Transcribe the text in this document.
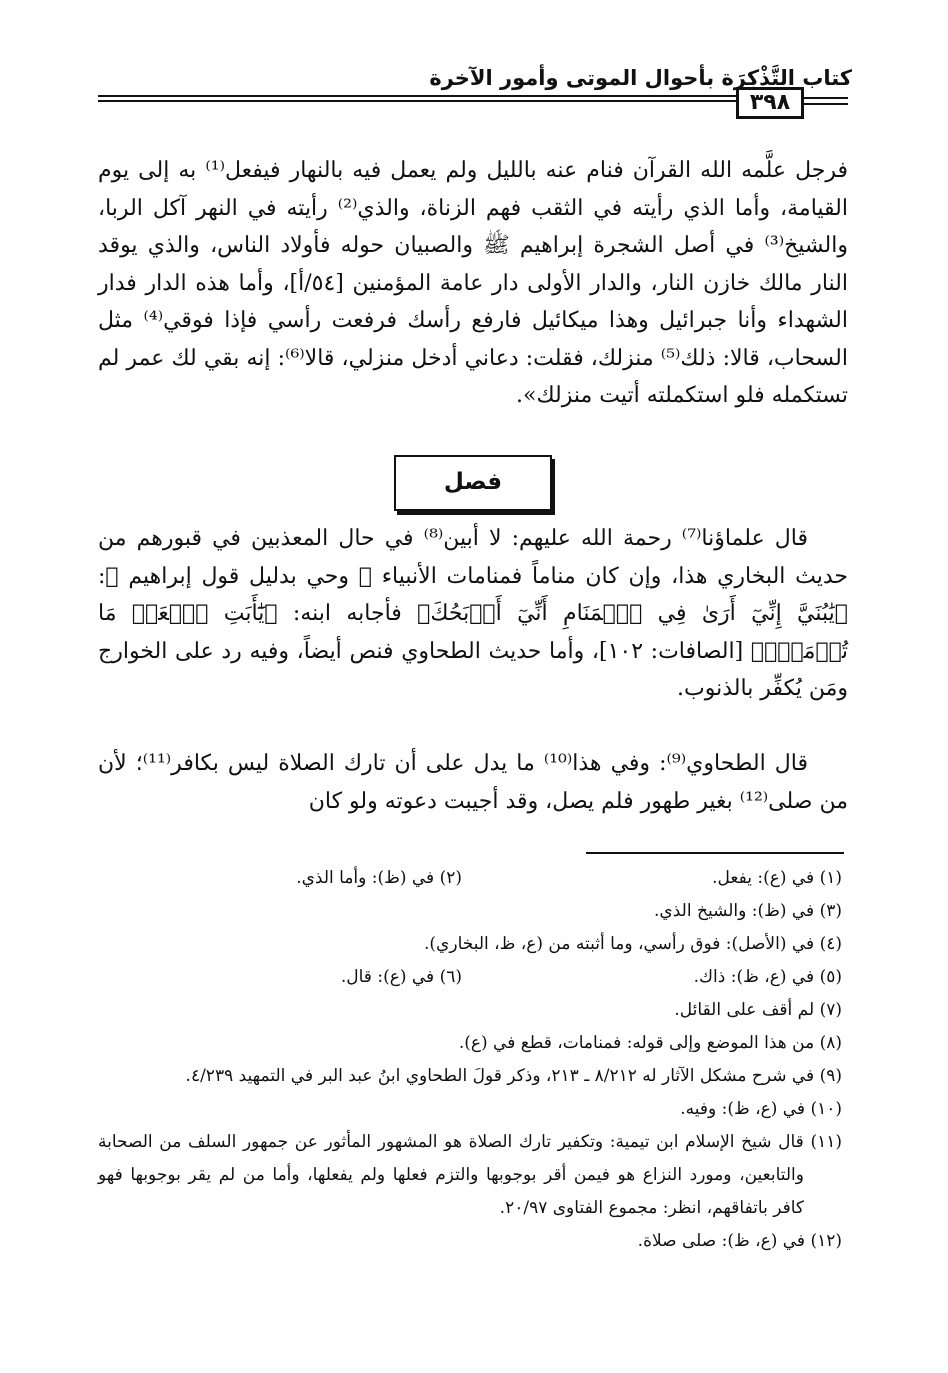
كتاب التَّذْكِرَة بأحوال الموتى وأمور الآخرة
٣٩٨

فرجل علَّمه الله القرآن فنام عنه بالليل ولم يعمل فيه بالنهار فيفعل⁽¹⁾ به إلى يوم القيامة، وأما الذي رأيته في الثقب فهم الزناة، والذي⁽²⁾ رأيته في النهر آكل الربا، والشيخ⁽³⁾ في أصل الشجرة إبراهيم ﷺ والصبيان حوله فأولاد الناس، والذي يوقد النار مالك خازن النار، والدار الأولى دار عامة المؤمنين [٥٤/أ]، وأما هذه الدار فدار الشهداء وأنا جبرائيل وهذا ميكائيل فارفع رأسك فرفعت رأسي فإذا فوقي⁽⁴⁾ مثل السحاب، قالا: ذلك⁽⁵⁾ منزلك، فقلت: دعاني أدخل منزلي، قالا⁽⁶⁾: إنه بقي لك عمر لم تستكمله فلو استكملته أتيت منزلك».

فصل

قال علماؤنا⁽⁷⁾ رحمة الله عليهم: لا أبين⁽⁸⁾ في حال المعذبين في قبورهم من حديث البخاري هذا، وإن كان مناماً فمنامات الأنبياء ﷺ وحي بدليل قول إبراهيم ﷺ: ﴿يَٰبُنَيَّ إِنِّيٓ أَرَىٰ فِي ٱلۡمَنَامِ أَنِّيٓ أَذۡبَحُكَ﴾ فأجابه ابنه: ﴿يَٰٓأَبَتِ ٱفۡعَلۡ مَا تُؤۡمَرُۖ﴾ [الصافات: ١٠٢]، وأما حديث الطحاوي فنص أيضاً، وفيه رد على الخوارج ومَن يُكفِّر بالذنوب.

قال الطحاوي⁽⁹⁾: وفي هذا⁽¹⁰⁾ ما يدل على أن تارك الصلاة ليس بكافر⁽¹¹⁾؛ لأن من صلى⁽¹²⁾ بغير طهور فلم يصل، وقد أجيبت دعوته ولو كان

(١) في (ع): يفعل.

(٢) في (ظ): وأما الذي.

(٣) في (ظ): والشيخ الذي.

(٤) في (الأصل): فوق رأسي، وما أثبته من (ع، ظ، البخاري).

(٥) في (ع، ظ): ذاك.

(٦) في (ع): قال.

(٧) لم أقف على القائل.

(٨) من هذا الموضع وإلى قوله: فمنامات، قطع في (ع).

(٩) في شرح مشكل الآثار له ٨/٢١٢ ـ ٢١٣، وذكر قولَ الطحاوي ابنُ عبد البر في التمهيد ٤/٢٣٩.

(١٠) في (ع، ظ): وفيه.

(١١) قال شيخ الإسلام ابن تيمية: وتكفير تارك الصلاة هو المشهور المأثور عن جمهور السلف من الصحابة والتابعين، ومورد النزاع هو فيمن أقر بوجوبها والتزم فعلها ولم يفعلها، وأما من لم يقر بوجوبها فهو كافر باتفاقهم، انظر: مجموع الفتاوى ٢٠/٩٧.

(١٢) في (ع، ظ): صلى صلاة.
